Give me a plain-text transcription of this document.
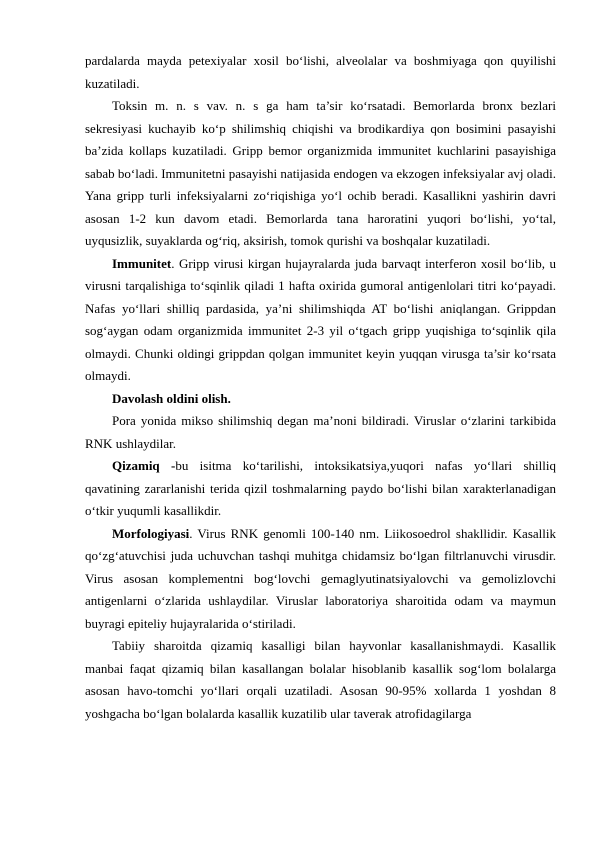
pardalarda mayda petexiyalar xosil bo‘lishi, alveolalar va boshmiyaga qon quyilishi kuzatiladi.

Toksin m. n. s vav. n. s ga ham ta’sir ko‘rsatadi. Bemorlarda bronx bezlari sekresiyasi kuchayib ko‘p shilimshiq chiqishi va brodikardiya qon bosimini pasayishi ba’zida kollaps kuzatiladi. Gripp bemor organizmida immunitet kuchlarini pasayishiga sabab bo‘ladi. Immunitetni pasayishi natijasida endogen va ekzogen infeksiyalar avj oladi. Yana gripp turli infeksiyalarni zo‘riqishiga yo‘l ochib beradi. Kasallikni yashirin davri asosan 1-2 kun davom etadi. Bemorlarda tana haroratini yuqori bo‘lishi, yo‘tal, uyqusizlik, suyaklarda og‘riq, aksirish, tomok qurishi va boshqalar kuzatiladi.

Immunitet. Gripp virusi kirgan hujayralarda juda barvaqt interferon xosil bo‘lib, u virusni tarqalishiga to‘sqinlik qiladi 1 hafta oxirida gumoral antigenlolari titri ko‘payadi. Nafas yo‘llari shilliq pardasida, ya’ni shilimshiqda AT bo‘lishi aniqlangan. Grippdan sog‘aygan odam organizmida immunitet 2-3 yil o‘tgach gripp yuqishiga to‘sqinlik qila olmaydi. Chunki oldingi grippdan qolgan immunitet keyin yuqqan virusga ta’sir ko‘rsata olmaydi.

Davolash oldini olish.

Pora yonida mikso shilimshiq degan ma’noni bildiradi. Viruslar o‘zlarini tarkibida RNK ushlaydilar.

Qizamiq -bu isitma ko‘tarilishi, intoksikatsiya,yuqori nafas yo‘llari shilliq qavatining zararlanishi terida qizil toshmalarning paydo bo‘lishi bilan xarakterlanadigan o‘tkir yuqumli kasallikdir.

Morfologiyasi. Virus RNK genomli 100-140 nm. Liikosoedrol shakllidir. Kasallik qo‘zg‘atuvchisi juda uchuvchan tashqi muhitga chidamsiz bo‘lgan filtrlanuvchi virusdir. Virus asosan komplementni bog‘lovchi gemaglyutinatsiyalovchi va gemolizlovchi antigenlarni o‘zlarida ushlaydilar. Viruslar laboratoriya sharoitida odam va maymun buyragi epiteliy hujayralarida o‘stiriladi.

Tabiiy sharoitda qizamiq kasalligi bilan hayvonlar kasallanishmaydi. Kasallik manbai faqat qizamiq bilan kasallangan bolalar hisoblanib kasallik sog‘lom bolalarga asosan havo-tomchi yo‘llari orqali uzatiladi. Asosan 90-95% xollarda 1 yoshdan 8 yoshgacha bo‘lgan bolalarda kasallik kuzatilib ular taverak atrofidagilarga
